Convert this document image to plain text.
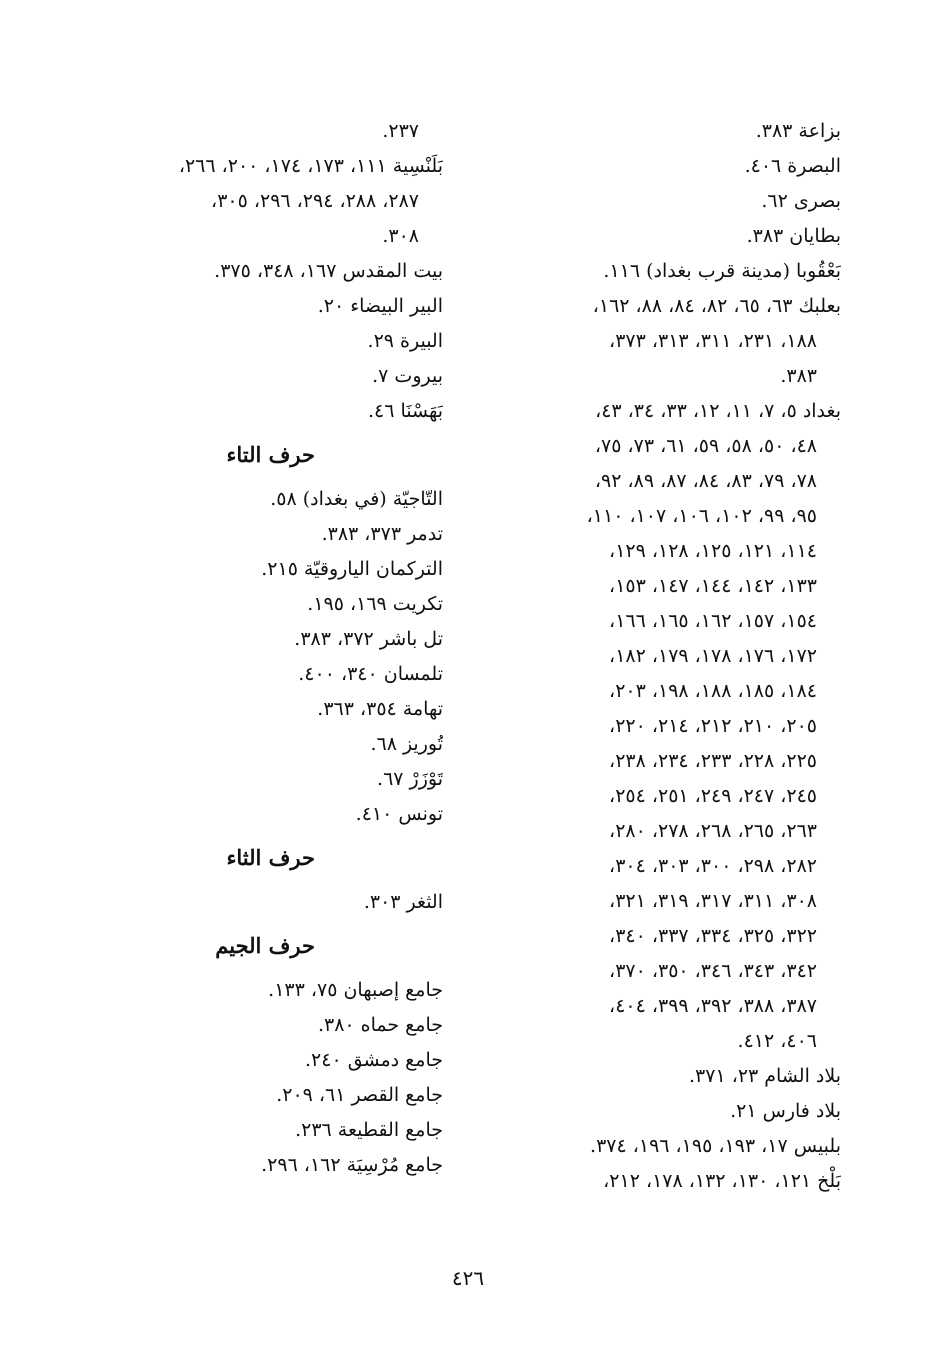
بزاعة ٣٨٣.
البصرة ٤٠٦.
بصرى ٦٢.
بطايان ٣٨٣.
بَعْقُوبا (مدينة قرب بغداد) ١١٦.
بعلبك ٦٣، ٦٥، ٨٢، ٨٤، ٨٨، ١٦٢،
١٨٨، ٢٣١، ٣١١، ٣١٣، ٣٧٣،
٣٨٣.
بغداد ٥، ٧، ١١، ١٢، ٣٣، ٣٤، ٤٣،
٤٨، ٥٠، ٥٨، ٥٩، ٦١، ٧٣، ٧٥،
٧٨، ٧٩، ٨٣، ٨٤، ٨٧، ٨٩، ٩٢،
٩٥، ٩٩، ١٠٢، ١٠٦، ١٠٧، ١١٠،
١١٤، ١٢١، ١٢٥، ١٢٨، ١٢٩،
١٣٣، ١٤٢، ١٤٤، ١٤٧، ١٥٣،
١٥٤، ١٥٧، ١٦٢، ١٦٥، ١٦٦،
١٧٢، ١٧٦، ١٧٨، ١٧٩، ١٨٢،
١٨٤، ١٨٥، ١٨٨، ١٩٨، ٢٠٣،
٢٠٥، ٢١٠، ٢١٢، ٢١٤، ٢٢٠،
٢٢٥، ٢٢٨، ٢٣٣، ٢٣٤، ٢٣٨،
٢٤٥، ٢٤٧، ٢٤٩، ٢٥١، ٢٥٤،
٢٦٣، ٢٦٥، ٢٦٨، ٢٧٨، ٢٨٠،
٢٨٢، ٢٩٨، ٣٠٠، ٣٠٣، ٣٠٤،
٣٠٨، ٣١١، ٣١٧، ٣١٩، ٣٢١،
٣٢٢، ٣٢٥، ٣٣٤، ٣٣٧، ٣٤٠،
٣٤٢، ٣٤٣، ٣٤٦، ٣٥٠، ٣٧٠،
٣٨٧، ٣٨٨، ٣٩٢، ٣٩٩، ٤٠٤،
٤٠٦، ٤١٢.
بلاد الشام ٢٣، ٣٧١.
بلاد فارس ٢١.
بلبيس ١٧، ١٩٣، ١٩٥، ١٩٦، ٣٧٤.
بَلْخ ١٢١، ١٣٠، ١٣٢، ١٧٨، ٢١٢،
٢٣٧.
بَلَنْسِية ١١١، ١٧٣، ١٧٤، ٢٠٠، ٢٦٦،
٢٨٧، ٢٨٨، ٢٩٤، ٢٩٦، ٣٠٥،
٣٠٨.
بيت المقدس ١٦٧، ٣٤٨، ٣٧٥.
البير البيضاء ٢٠.
البيرة ٢٩.
بيروت ٧.
بَهَسْنَا ٤٦.
حرف التاء
التّاجيّة (في بغداد) ٥٨.
تدمر ٣٧٣، ٣٨٣.
التركمان الياروقيّة ٢١٥.
تكريت ١٦٩، ١٩٥.
تل باشر ٣٧٢، ٣٨٣.
تلمسان ٣٤٠، ٤٠٠.
تهامة ٣٥٤، ٣٦٣.
تُوريز ٦٨.
تَوْزَرْ ٦٧.
تونس ٤١٠.
حرف الثاء
الثغر ٣٠٣.
حرف الجيم
جامع إصبهان ٧٥، ١٣٣.
جامع حماه ٣٨٠.
جامع دمشق ٢٤٠.
جامع القصر ٦١، ٢٠٩.
جامع القطيعة ٢٣٦.
جامع مُرْسِيَة ١٦٢، ٢٩٦.
٤٢٦
